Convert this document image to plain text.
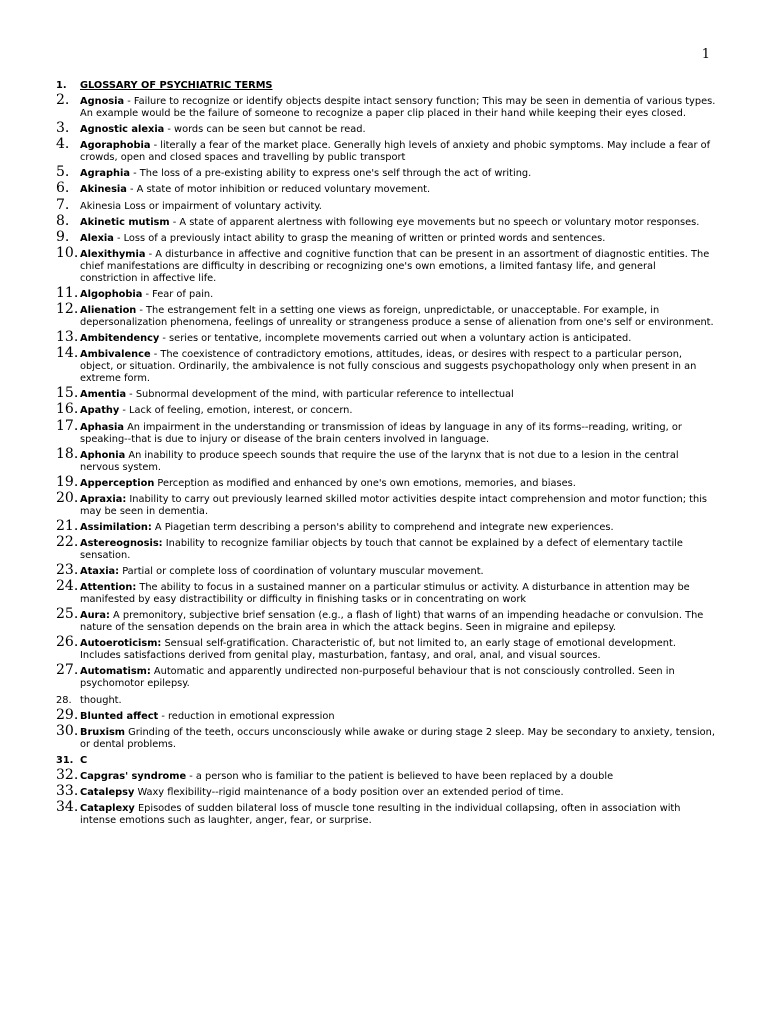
1
1. GLOSSARY OF PSYCHIATRIC TERMS
2. Agnosia - Failure to recognize or identify objects despite intact sensory function; This may be seen in dementia of various types. An example would be the failure of someone to recognize a paper clip placed in their hand while keeping their eyes closed.
3. Agnostic alexia - words can be seen but cannot be read.
4. Agoraphobia - literally a fear of the market place. Generally high levels of anxiety and phobic symptoms. May include a fear of crowds, open and closed spaces and travelling by public transport
5. Agraphia - The loss of a pre-existing ability to express one's self through the act of writing.
6. Akinesia - A state of motor inhibition or reduced voluntary movement.
7. Akinesia Loss or impairment of voluntary activity.
8. Akinetic mutism - A state of apparent alertness with following eye movements but no speech or voluntary motor responses.
9. Alexia - Loss of a previously intact ability to grasp the meaning of written or printed words and sentences.
10. Alexithymia - A disturbance in affective and cognitive function that can be present in an assortment of diagnostic entities. The chief manifestations are difficulty in describing or recognizing one's own emotions, a limited fantasy life, and general constriction in affective life.
11. Algophobia - Fear of pain.
12. Alienation - The estrangement felt in a setting one views as foreign, unpredictable, or unacceptable. For example, in depersonalization phenomena, feelings of unreality or strangeness produce a sense of alienation from one's self or environment.
13. Ambitendency - series or tentative, incomplete movements carried out when a voluntary action is anticipated.
14. Ambivalence - The coexistence of contradictory emotions, attitudes, ideas, or desires with respect to a particular person, object, or situation. Ordinarily, the ambivalence is not fully conscious and suggests psychopathology only when present in an extreme form.
15. Amentia - Subnormal development of the mind, with particular reference to intellectual
16. Apathy - Lack of feeling, emotion, interest, or concern.
17. Aphasia An impairment in the understanding or transmission of ideas by language in any of its forms--reading, writing, or speaking--that is due to injury or disease of the brain centers involved in language.
18. Aphonia An inability to produce speech sounds that require the use of the larynx that is not due to a lesion in the central nervous system.
19. Apperception Perception as modified and enhanced by one's own emotions, memories, and biases.
20. Apraxia: Inability to carry out previously learned skilled motor activities despite intact comprehension and motor function; this may be seen in dementia.
21. Assimilation: A Piagetian term describing a person's ability to comprehend and integrate new experiences.
22. Astereognosis: Inability to recognize familiar objects by touch that cannot be explained by a defect of elementary tactile sensation.
23. Ataxia: Partial or complete loss of coordination of voluntary muscular movement.
24. Attention: The ability to focus in a sustained manner on a particular stimulus or activity. A disturbance in attention may be manifested by easy distractibility or difficulty in finishing tasks or in concentrating on work
25. Aura: A premonitory, subjective brief sensation (e.g., a flash of light) that warns of an impending headache or convulsion. The nature of the sensation depends on the brain area in which the attack begins. Seen in migraine and epilepsy.
26. Autoeroticism: Sensual self-gratification. Characteristic of, but not limited to, an early stage of emotional development. Includes satisfactions derived from genital play, masturbation, fantasy, and oral, anal, and visual sources.
27. Automatism: Automatic and apparently undirected non-purposeful behaviour that is not consciously controlled. Seen in psychomotor epilepsy.
28. thought.
29. Blunted affect - reduction in emotional expression
30. Bruxism Grinding of the teeth, occurs unconsciously while awake or during stage 2 sleep. May be secondary to anxiety, tension, or dental problems.
31. C
32. Capgras' syndrome - a person who is familiar to the patient is believed to have been replaced by a double
33. Catalepsy Waxy flexibility--rigid maintenance of a body position over an extended period of time.
34. Cataplexy Episodes of sudden bilateral loss of muscle tone resulting in the individual collapsing, often in association with intense emotions such as laughter, anger, fear, or surprise.
